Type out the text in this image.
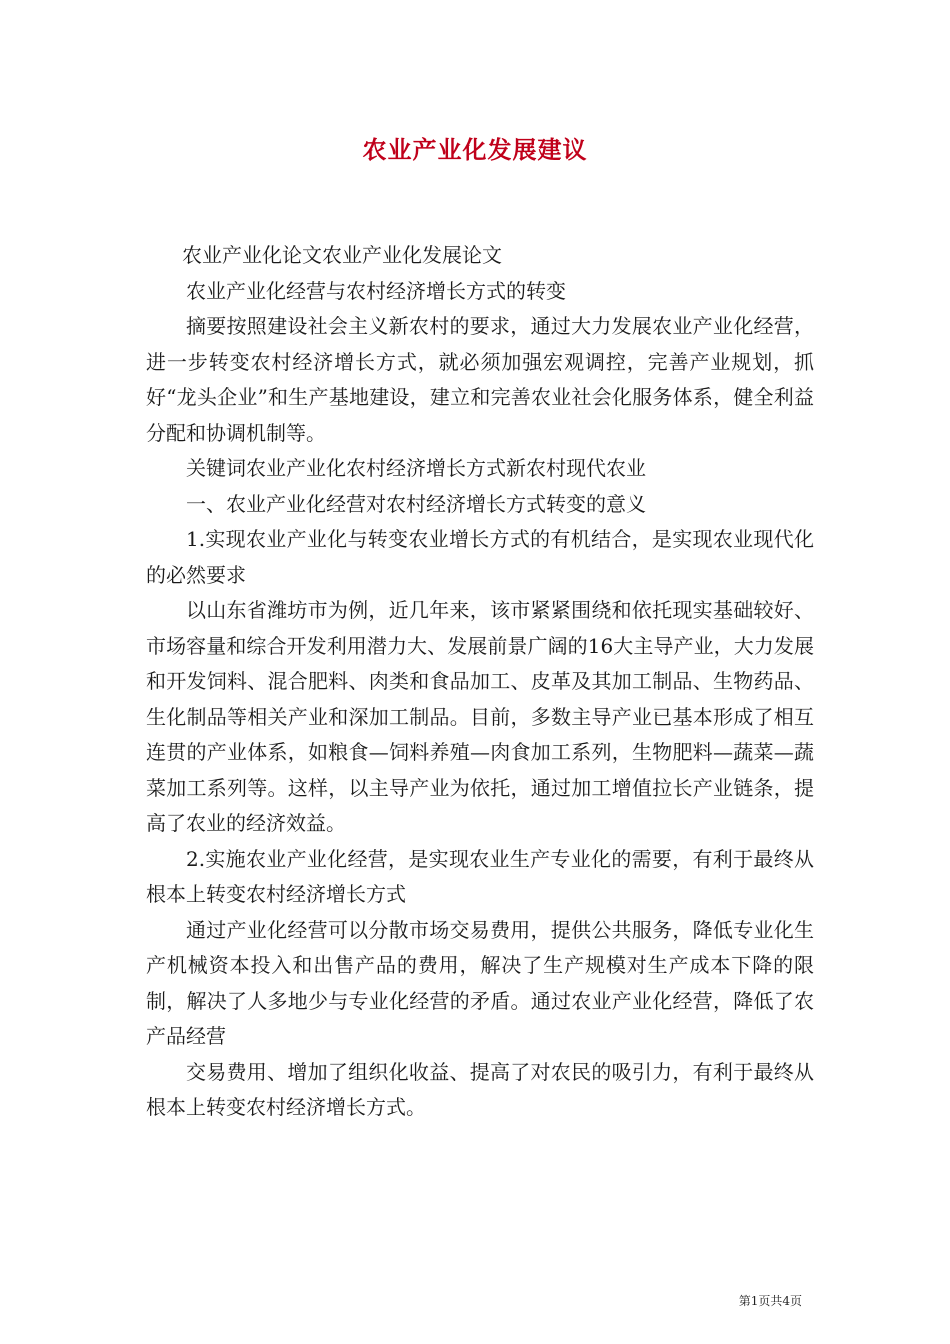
农业产业化发展建议

农业产业化论文农业产业化发展论文

农业产业化经营与农村经济增长方式的转变

摘要按照建设社会主义新农村的要求，通过大力发展农业产业化经营，进一步转变农村经济增长方式，就必须加强宏观调控，完善产业规划，抓好“龙头企业”和生产基地建设，建立和完善农业社会化服务体系，健全利益分配和协调机制等。

关键词农业产业化农村经济增长方式新农村现代农业

一、农业产业化经营对农村经济增长方式转变的意义

1.实现农业产业化与转变农业增长方式的有机结合，是实现农业现代化的必然要求

以山东省潍坊市为例，近几年来，该市紧紧围绕和依托现实基础较好、市场容量和综合开发利用潜力大、发展前景广阔的16大主导产业，大力发展和开发饲料、混合肥料、肉类和食品加工、皮革及其加工制品、生物药品、生化制品等相关产业和深加工制品。目前，多数主导产业已基本形成了相互连贯的产业体系，如粮食—饲料养殖—肉食加工系列，生物肥料—蔬菜—蔬菜加工系列等。这样，以主导产业为依托，通过加工增值拉长产业链条，提高了农业的经济效益。

2.实施农业产业化经营，是实现农业生产专业化的需要，有利于最终从根本上转变农村经济增长方式

通过产业化经营可以分散市场交易费用，提供公共服务，降低专业化生产机械资本投入和出售产品的费用，解决了生产规模对生产成本下降的限制，解决了人多地少与专业化经营的矛盾。通过农业产业化经营，降低了农产品经营

交易费用、增加了组织化收益、提高了对农民的吸引力，有利于最终从根本上转变农村经济增长方式。

第1页共4页
